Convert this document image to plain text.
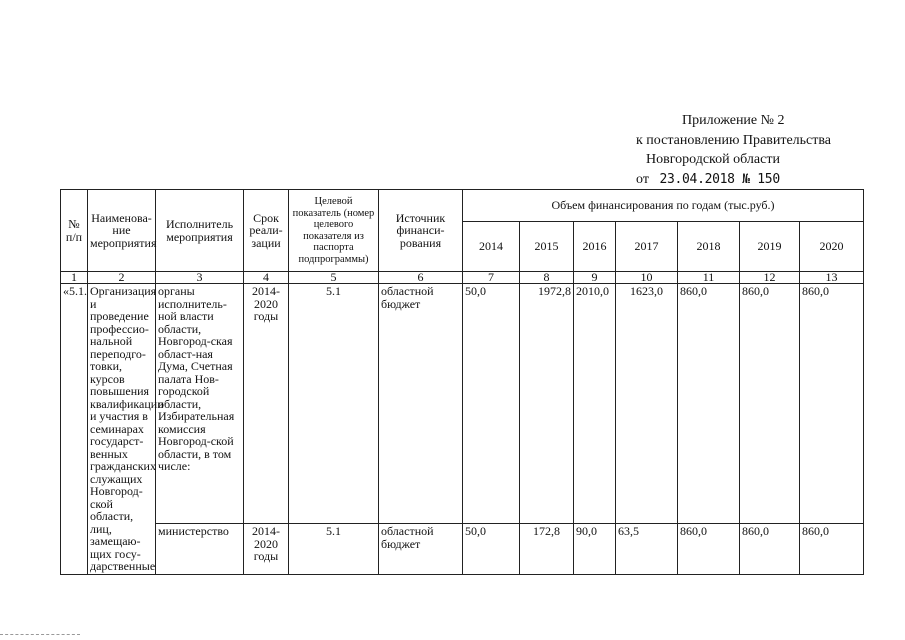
Приложение № 2
к постановлению Правительства
Новгородской области
от 23.04.2018 № 150
№ п/п	Наименова-ние мероприятия	Исполнитель мероприятия	Срок реали-зации	Целевой показатель (номер целевого показателя из паспорта подпрограммы)	Источник финанси-рования	Объем финансирования по годам (тыс.руб.)						
						2014	2015	2016	2017	2018	2019	2020
1	2	3	4	5	6	7	8	9	10	11	12	13
«5.1.	Организация и проведение профессио-нальной переподго-товки, курсов повышения квалификации и участия в семинарах государст-венных гражданских служащих Новгород-ской области, лиц, замещаю-щих госу-дарственные	органы исполнитель-ной власти области, Новгород-ская област-ная Дума, Счетная палата Нов-городской области, Избирательная комиссия Новгород-ской области, в том числе:	2014-2020 годы	5.1	областной бюджет	50,0	1972,8	2010,0	1623,0	860,0	860,0	860,0
		министерство	2014-2020 годы	5.1	областной бюджет	50,0	172,8	90,0	63,5	860,0	860,0	860,0
